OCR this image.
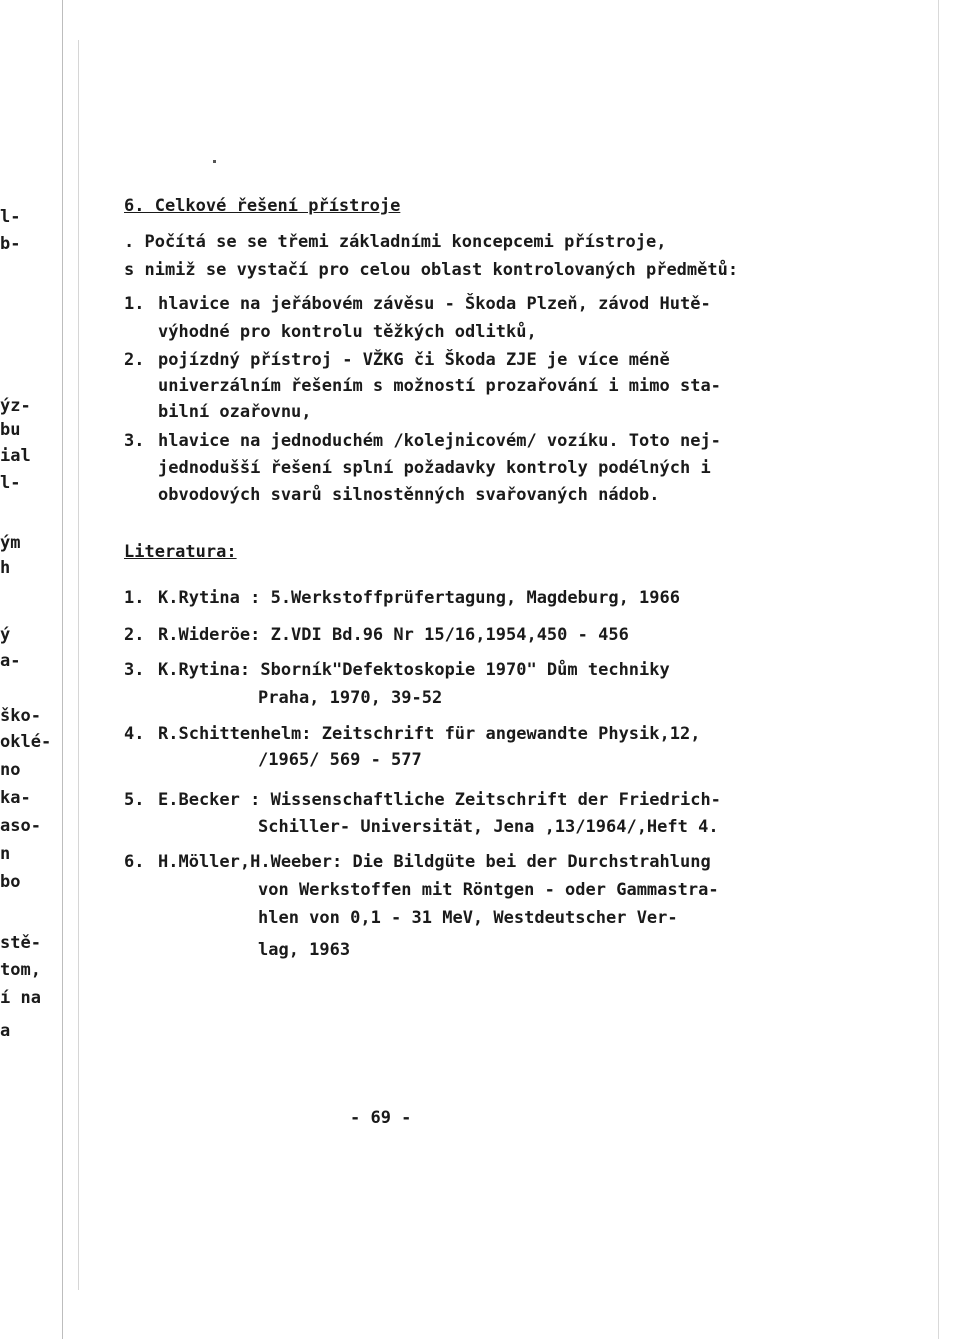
l-
b-
ýz-
bu
ial
l-
ým
h
ý
a-
ško-
oklé-
no
ka-
aso-
n
bo
stě-
tom,
í na
a
6. Celkové řešení přístroje
. Počítá se se třemi základními koncepcemi přístroje,
s nimiž se vystačí pro celou oblast kontrolovaných předmětů:
1. hlavice na jeřábovém závěsu - Škoda Plzeň, závod Hutě-
výhodné pro kontrolu těžkých odlitků,
2. pojízdný přístroj - VŽKG či Škoda ZJE je více méně
univerzálním řešením s možností prozařování i mimo sta-
bilní ozařovnu,
3. hlavice na jednoduchém /kolejnicovém/ vozíku. Toto nej-
jednodušší řešení splní požadavky kontroly podélných i
obvodových svarů silnostěnných svařovaných nádob.
Literatura:
1. K.Rytina : 5.Werkstoffprüfertagung, Magdeburg, 1966
2. R.Wideröe: Z.VDI Bd.96 Nr 15/16,1954,450 - 456
3. K.Rytina: Sborník"Defektoskopie 1970" Dům techniky
Praha, 1970, 39-52
4. R.Schittenhelm: Zeitschrift für angewandte Physik,12,
/1965/ 569 - 577
5. E.Becker : Wissenschaftliche Zeitschrift der Friedrich-
Schiller- Universität, Jena ,13/1964/,Heft 4.
6. H.Möller,H.Weeber: Die Bildgüte bei der Durchstrahlung
von Werkstoffen mit Röntgen - oder Gammastra-
hlen von 0,1 - 31 MeV, Westdeutscher Ver-
lag, 1963
- 69 -
